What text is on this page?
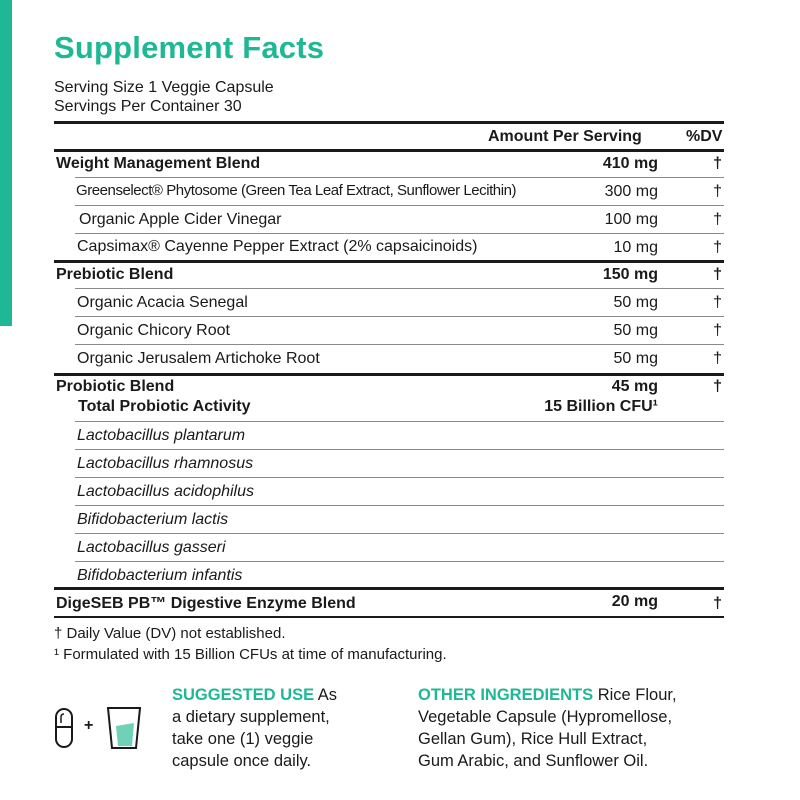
Supplement Facts
Serving Size 1 Veggie Capsule
Servings Per Container 30
Amount Per Serving	%DV
Weight Management Blend	410 mg	†
Greenselect® Phytosome (Green Tea Leaf Extract, Sunflower Lecithin)	300 mg	†
Organic Apple Cider Vinegar	100 mg	†
Capsimax® Cayenne Pepper Extract (2% capsaicinoids)	10 mg	†
Prebiotic Blend	150 mg	†
Organic Acacia Senegal	50 mg	†
Organic Chicory Root	50 mg	†
Organic Jerusalem Artichoke Root	50 mg	†
Probiotic Blend	45 mg	†
Total Probiotic Activity	15 Billion CFU¹
Lactobacillus plantarum
Lactobacillus rhamnosus
Lactobacillus acidophilus
Bifidobacterium lactis
Lactobacillus gasseri
Bifidobacterium infantis
DigeSEB PB™ Digestive Enzyme Blend	20 mg	†
† Daily Value (DV) not established.
¹ Formulated with 15 Billion CFUs at time of manufacturing.
+
SUGGESTED USE As
a dietary supplement,
take one (1) veggie
capsule once daily.
OTHER INGREDIENTS Rice Flour,
Vegetable Capsule (Hypromellose,
Gellan Gum), Rice Hull Extract,
Gum Arabic, and Sunflower Oil.
